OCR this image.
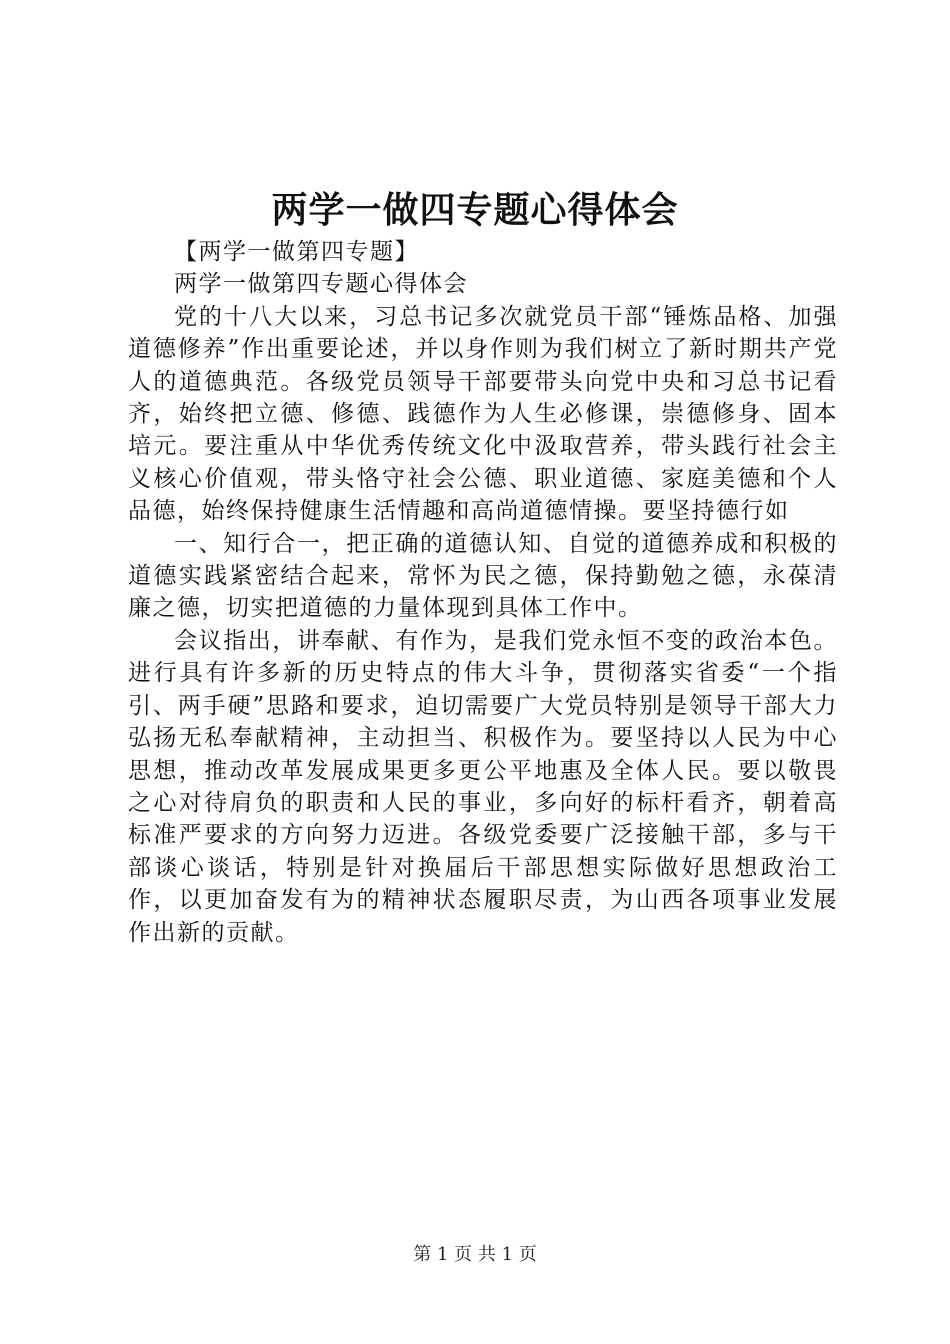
两学一做四专题心得体会

【两学一做第四专题】

两学一做第四专题心得体会

党的十八大以来，习总书记多次就党员干部“锤炼品格、加强道德修养”作出重要论述，并以身作则为我们树立了新时期共产党人的道德典范。各级党员领导干部要带头向党中央和习总书记看齐，始终把立德、修德、践德作为人生必修课，崇德修身、固本培元。要注重从中华优秀传统文化中汲取营养，带头践行社会主义核心价值观，带头恪守社会公德、职业道德、家庭美德和个人品德，始终保持健康生活情趣和高尚道德情操。要坚持德行如

一、知行合一，把正确的道德认知、自觉的道德养成和积极的道德实践紧密结合起来，常怀为民之德，保持勤勉之德，永葆清廉之德，切实把道德的力量体现到具体工作中。

会议指出，讲奉献、有作为，是我们党永恒不变的政治本色。进行具有许多新的历史特点的伟大斗争，贯彻落实省委“一个指引、两手硬”思路和要求，迫切需要广大党员特别是领导干部大力弘扬无私奉献精神，主动担当、积极作为。要坚持以人民为中心思想，推动改革发展成果更多更公平地惠及全体人民。要以敬畏之心对待肩负的职责和人民的事业，多向好的标杆看齐，朝着高标准严要求的方向努力迈进。各级党委要广泛接触干部，多与干部谈心谈话，特别是针对换届后干部思想实际做好思想政治工作，以更加奋发有为的精神状态履职尽责，为山西各项事业发展作出新的贡献。

第 1 页 共 1 页
